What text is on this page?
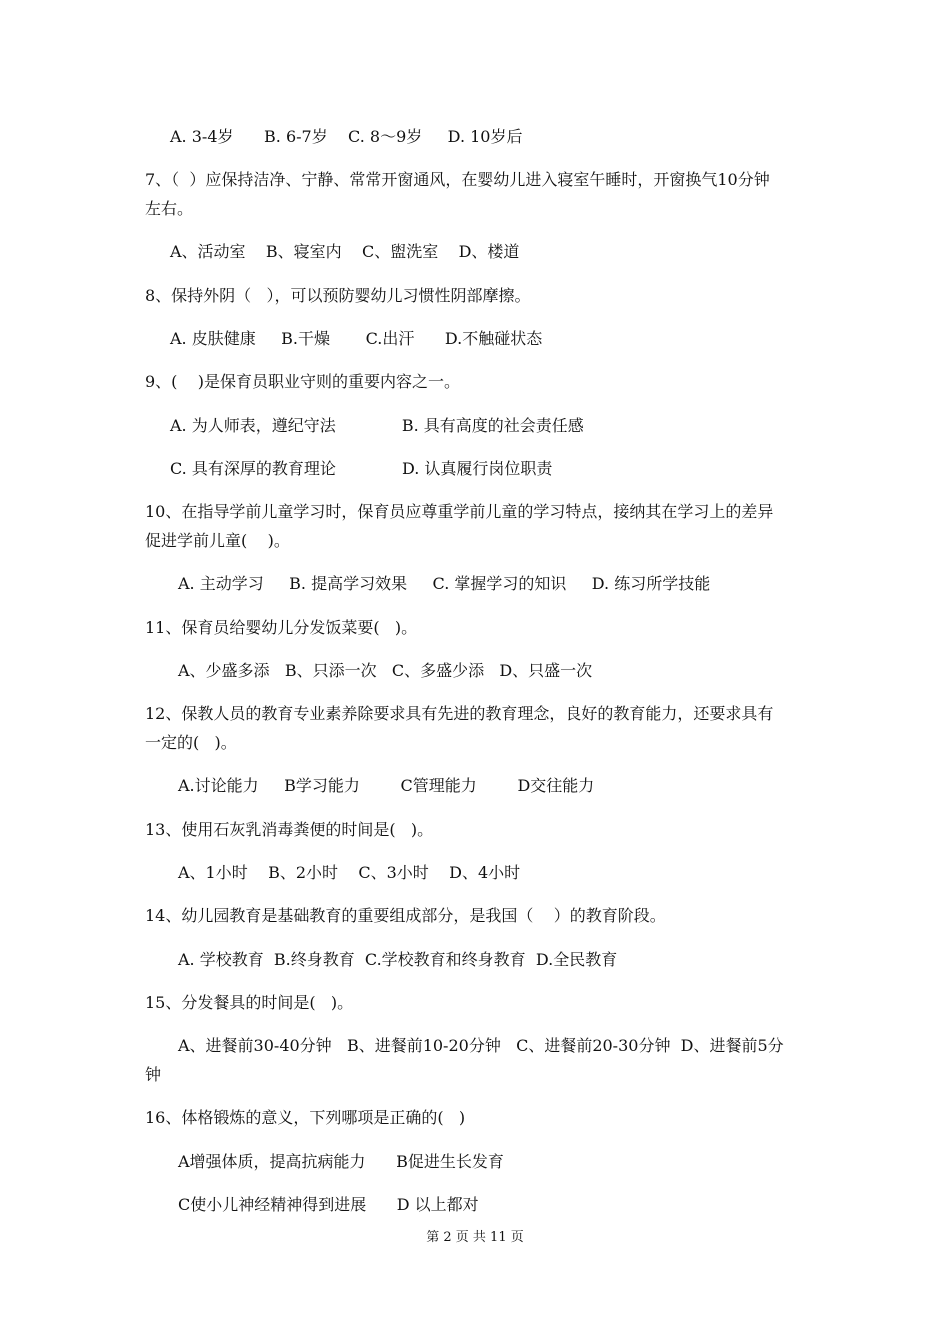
A. 3-4岁      B. 6-7岁    C. 8～9岁     D. 10岁后
7、（  ）应保持洁净、宁静、常常开窗通风，在婴幼儿进入寝室午睡时，开窗换气10分钟
左右。
A、活动室    B、寝室内    C、盥洗室    D、楼道
8、保持外阴（   ），可以预防婴幼儿习惯性阴部摩擦。
A. 皮肤健康     B.干燥       C.出汗      D.不触碰状态
9、(    )是保育员职业守则的重要内容之一。
A. 为人师表，遵纪守法             B. 具有高度的社会责任感
C. 具有深厚的教育理论             D. 认真履行岗位职责
10、在指导学前儿童学习时，保育员应尊重学前儿童的学习特点，接纳其在学习上的差异
促进学前儿童(    )。
A. 主动学习     B. 提高学习效果     C. 掌握学习的知识     D. 练习所学技能
11、保育员给婴幼儿分发饭菜要(   )。
A、少盛多添   B、只添一次   C、多盛少添   D、只盛一次
12、保教人员的教育专业素养除要求具有先进的教育理念，良好的教育能力，还要求具有
一定的(   )。
A.讨论能力     B学习能力        C管理能力        D交往能力
13、使用石灰乳消毒粪便的时间是(   )。
A、1小时    B、2小时    C、3小时    D、4小时
14、幼儿园教育是基础教育的重要组成部分，是我国（    ）的教育阶段。
A. 学校教育  B.终身教育  C.学校教育和终身教育  D.全民教育
15、分发餐具的时间是(   )。
A、进餐前30-40分钟   B、进餐前10-20分钟   C、进餐前20-30分钟  D、进餐前5分
钟
16、体格锻炼的意义，下列哪项是正确的(   )
A增强体质，提高抗病能力      B促进生长发育
C使小儿神经精神得到进展      D 以上都对
第 2 页 共 11 页
